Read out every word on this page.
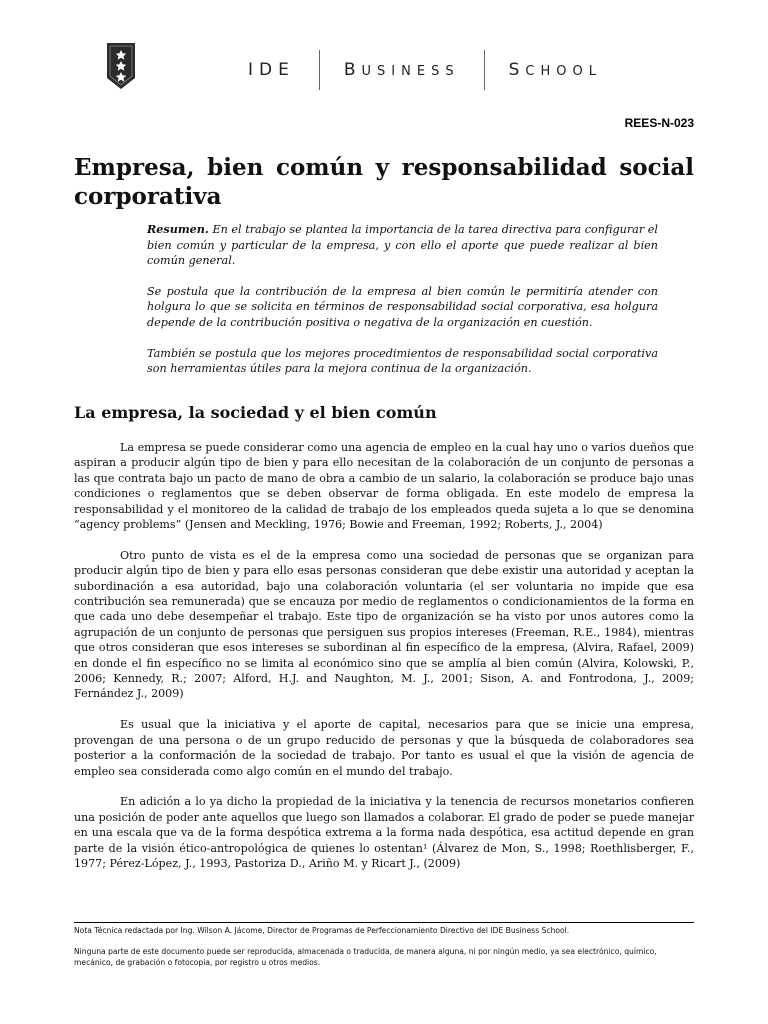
IDE	BUSINESS	SCHOOL
REES-N-023
Empresa, bien común y responsabilidad social corporativa

Resumen. En el trabajo se plantea la importancia de la tarea directiva para configurar el bien común y particular de la empresa, y con ello el aporte que puede realizar al bien común general.

Se postula que la contribución de la empresa al bien común le permitiría atender con holgura lo que se solicita en términos de responsabilidad social corporativa, esa holgura depende de la contribución positiva o negativa de la organización en cuestión.

También se postula que los mejores procedimientos de responsabilidad social corporativa son herramientas útiles para la mejora continua de la organización.

La empresa, la sociedad y el bien común

La empresa se puede considerar como una agencia de empleo en la cual hay uno o varios dueños que aspiran a producir algún tipo de bien y para ello necesitan de la colaboración de un conjunto de personas a las que contrata bajo un pacto de mano de obra a cambio de un salario, la colaboración se produce bajo unas condiciones o reglamentos que se deben observar de forma obligada. En este modelo de empresa la responsabilidad y el monitoreo de la calidad de trabajo de los empleados queda sujeta a lo que se denomina “agency problems” (Jensen and Meckling, 1976; Bowie and Freeman, 1992; Roberts, J., 2004)

Otro punto de vista es el de la empresa como una sociedad de personas que se organizan para producir algún tipo de bien y para ello esas personas consideran que debe existir una autoridad y aceptan la subordinación a esa autoridad, bajo una colaboración voluntaria (el ser voluntaria no impide que esa contribución sea remunerada) que se encauza por medio de reglamentos o condicionamientos de la forma en que cada uno debe desempeñar el trabajo. Este tipo de organización se ha visto por unos autores como la agrupación de un conjunto de personas que persiguen sus propios intereses (Freeman, R.E., 1984), mientras que otros consideran que esos intereses se subordinan al fin específico de la empresa, (Alvira, Rafael, 2009) en donde el fin específico no se limita al económico sino que se amplía al bien común (Alvira, Kolowski, P., 2006; Kennedy, R.; 2007; Alford, H.J. and Naughton, M. J., 2001; Sison, A. and Fontrodona, J., 2009; Fernández J., 2009)

Es usual que la iniciativa y el aporte de capital, necesarios para que se inicie una empresa, provengan de una persona o de un grupo reducido de personas y que la búsqueda de colaboradores sea posterior a la conformación de la sociedad de trabajo. Por tanto es usual el que la visión de agencia de empleo sea considerada como algo común en el mundo del trabajo.

En adición a lo ya dicho la propiedad de la iniciativa y la tenencia de recursos monetarios confieren una posición de poder ante aquellos que luego son llamados a colaborar. El grado de poder se puede manejar en una escala que va de la forma despótica extrema a la forma nada despótica, esa actitud depende en gran parte de la visión ético-antropológica de quienes lo ostentan¹ (Álvarez de Mon, S., 1998; Roethlisberger, F., 1977; Pérez-López, J., 1993, Pastoriza D., Ariño M. y Ricart J., (2009)

Nota Técnica redactada por Ing. Wilson A. Jácome, Director de Programas de Perfeccionamiento Directivo del IDE Business School.
Ninguna parte de este documento puede ser reproducida, almacenada o traducida, de manera alguna, ni por ningún medio, ya sea electrónico, químico, mecánico, de grabación o fotocopia, por registro u otros medios.
